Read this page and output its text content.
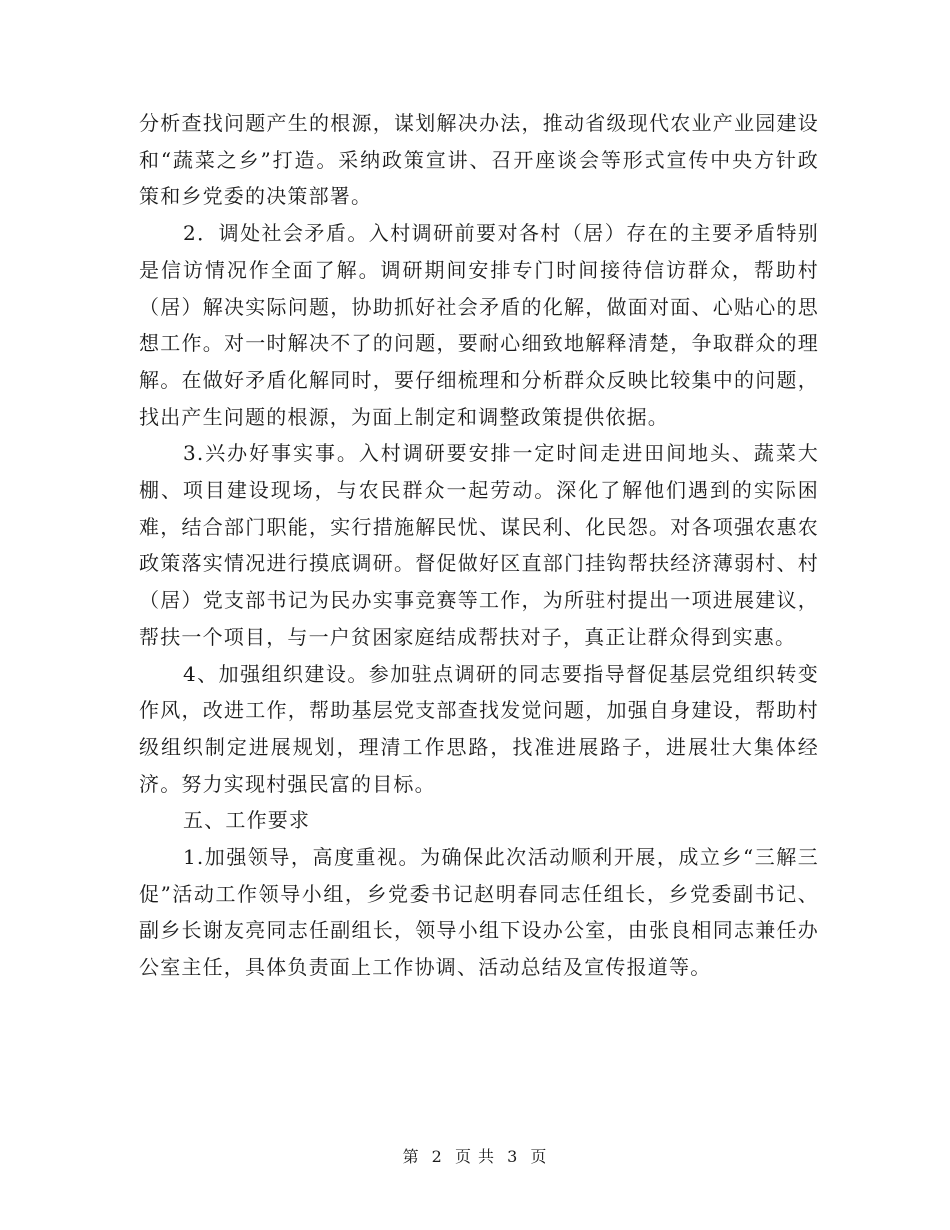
分析查找问题产生的根源，谋划解决办法，推动省级现代农业产业园建设和“蔬菜之乡”打造。采纳政策宣讲、召开座谈会等形式宣传中央方针政策和乡党委的决策部署。

2．调处社会矛盾。入村调研前要对各村（居）存在的主要矛盾特别是信访情况作全面了解。调研期间安排专门时间接待信访群众，帮助村（居）解决实际问题，协助抓好社会矛盾的化解，做面对面、心贴心的思想工作。对一时解决不了的问题，要耐心细致地解释清楚，争取群众的理解。在做好矛盾化解同时，要仔细梳理和分析群众反映比较集中的问题，找出产生问题的根源，为面上制定和调整政策提供依据。

3.兴办好事实事。入村调研要安排一定时间走进田间地头、蔬菜大棚、项目建设现场，与农民群众一起劳动。深化了解他们遇到的实际困难，结合部门职能，实行措施解民忧、谋民利、化民怨。对各项强农惠农政策落实情况进行摸底调研。督促做好区直部门挂钩帮扶经济薄弱村、村（居）党支部书记为民办实事竞赛等工作，为所驻村提出一项进展建议，帮扶一个项目，与一户贫困家庭结成帮扶对子，真正让群众得到实惠。

4、加强组织建设。参加驻点调研的同志要指导督促基层党组织转变作风，改进工作，帮助基层党支部查找发觉问题，加强自身建设，帮助村级组织制定进展规划，理清工作思路，找准进展路子，进展壮大集体经济。努力实现村强民富的目标。

五、工作要求

1.加强领导，高度重视。为确保此次活动顺利开展，成立乡“三解三促”活动工作领导小组，乡党委书记赵明春同志任组长，乡党委副书记、副乡长谢友亮同志任副组长，领导小组下设办公室，由张良相同志兼任办公室主任，具体负责面上工作协调、活动总结及宣传报道等。

第 2 页 共 3 页
